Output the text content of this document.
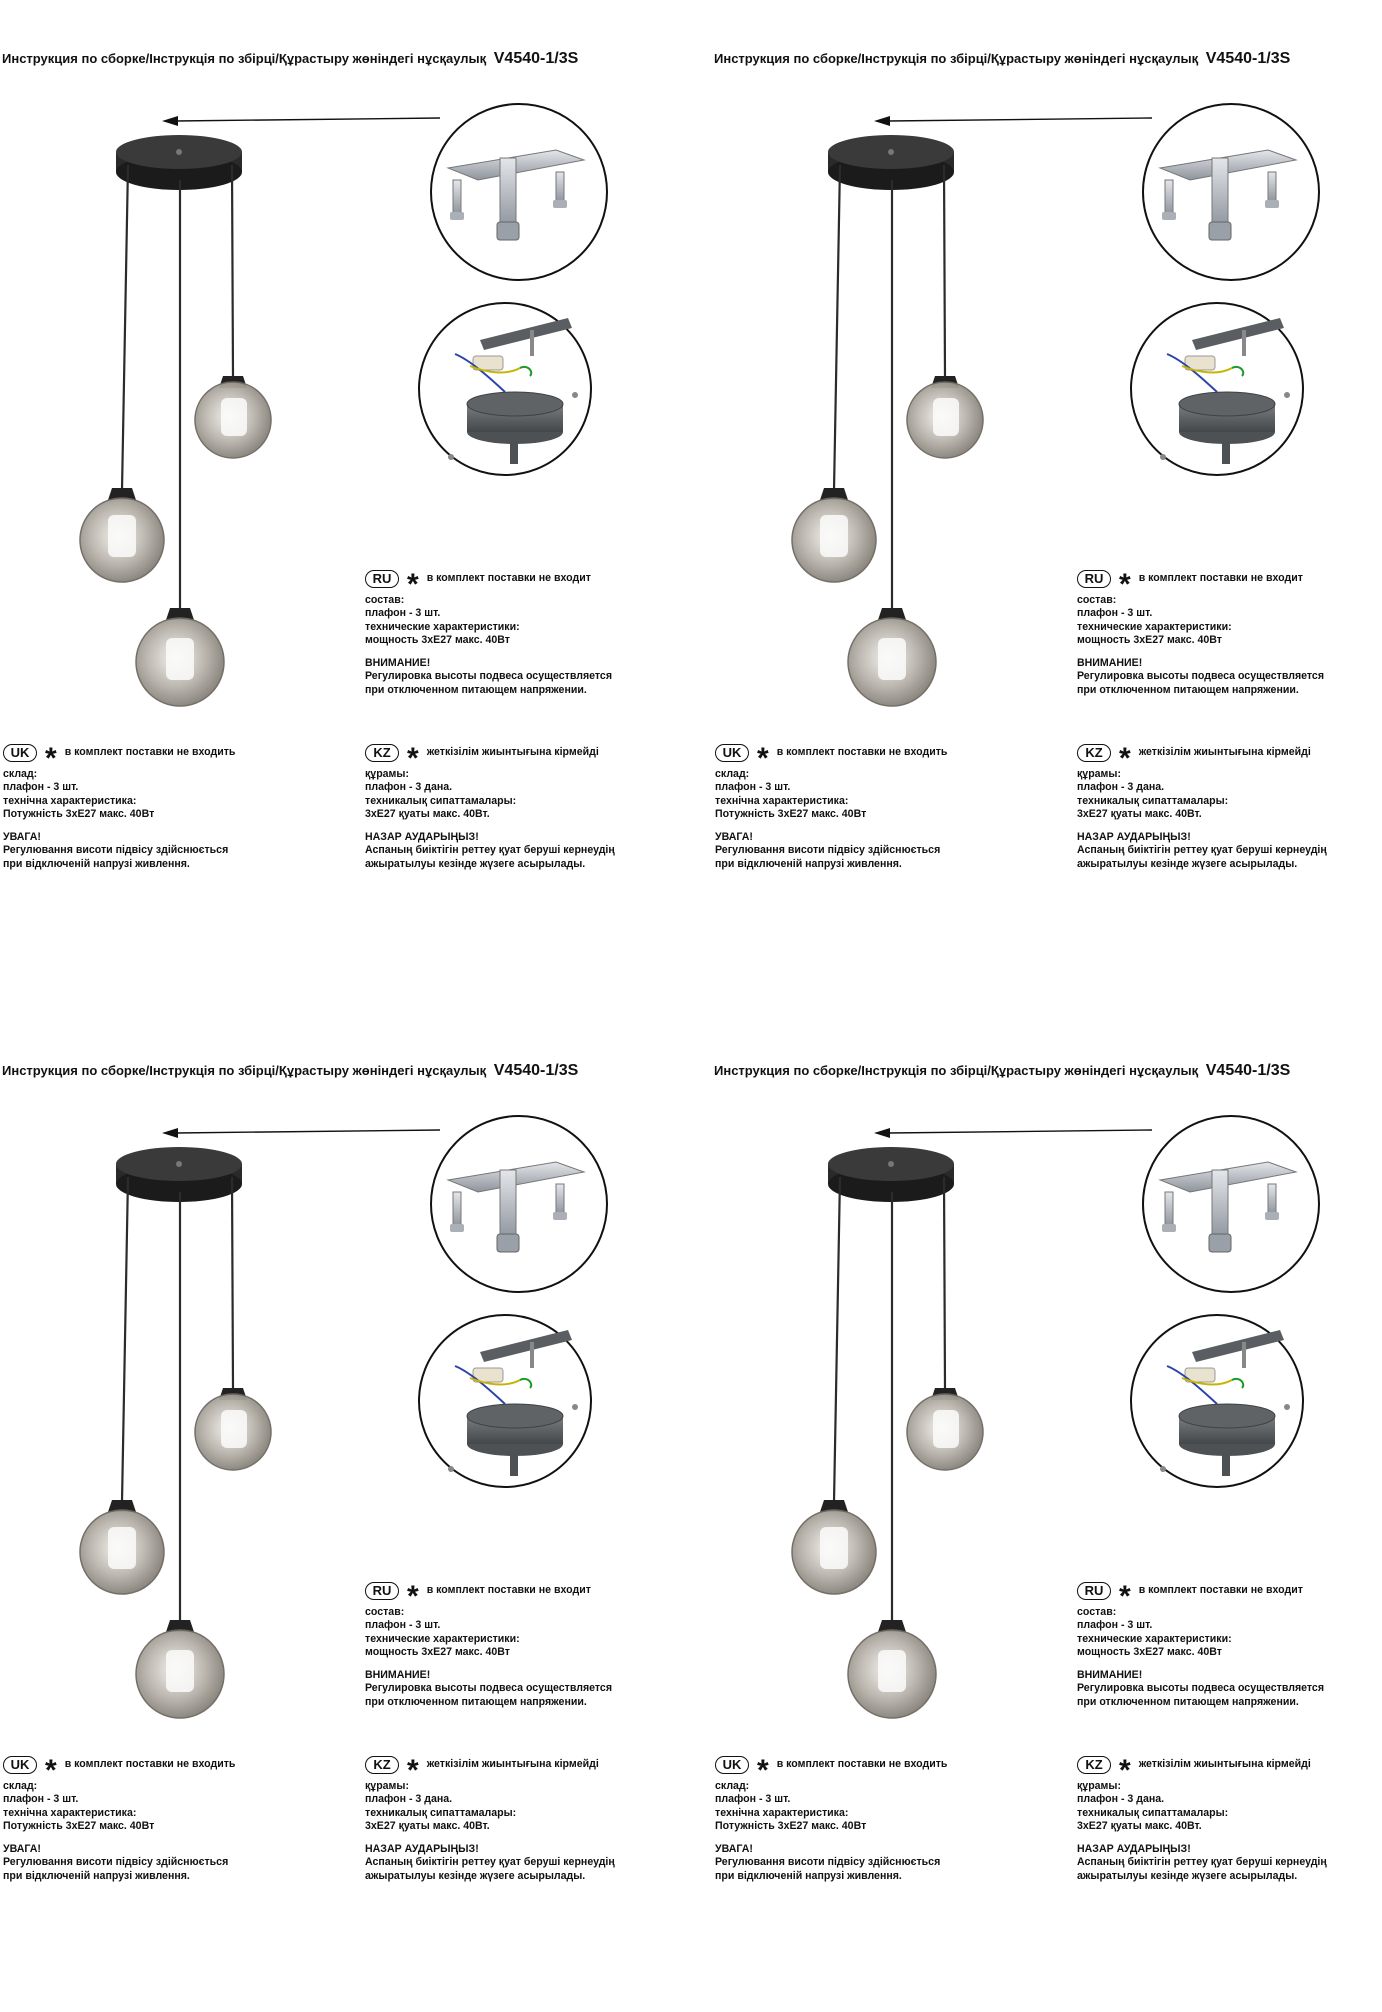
Инструкция по сборке/Інструкція по збірці/Құрастыру жөніндегі нұсқаулық V4540-1/3S
RU * в комплект поставки не входит
состав:
плафон - 3 шт.
технические характеристики:
мощность 3хЕ27 макс. 40Вт
ВНИМАНИЕ!
Регулировка высоты подвеса осуществляется
при отключенном питающем напряжении.
UK * в комплект поставки не входить
склад:
плафон - 3 шт.
технічна характеристика:
Потужність 3хЕ27 макс. 40Вт
УВАГА!
Регулювання висоти підвісу здійснюється
при відключеній напрузі живлення.
KZ * жеткізілім жиынтығына кірмейді
құрамы:
плафон - 3 дана.
техникалық сипаттамалары:
3хЕ27 қуаты макс. 40Вт.
НАЗАР АУДАРЫҢЫЗ!
Аспаның биіктігін реттеу қуат беруші кернеудің
ажыратылуы кезінде жүзеге асырылады.
Инструкция по сборке/Інструкція по збірці/Құрастыру жөніндегі нұсқаулық V4540-1/3S
RU * в комплект поставки не входит
состав:
плафон - 3 шт.
технические характеристики:
мощность 3хЕ27 макс. 40Вт
ВНИМАНИЕ!
Регулировка высоты подвеса осуществляется
при отключенном питающем напряжении.
UK * в комплект поставки не входить
склад:
плафон - 3 шт.
технічна характеристика:
Потужність 3хЕ27 макс. 40Вт
УВАГА!
Регулювання висоти підвісу здійснюється
при відключеній напрузі живлення.
KZ * жеткізілім жиынтығына кірмейді
құрамы:
плафон - 3 дана.
техникалық сипаттамалары:
3хЕ27 қуаты макс. 40Вт.
НАЗАР АУДАРЫҢЫЗ!
Аспаның биіктігін реттеу қуат беруші кернеудің
ажыратылуы кезінде жүзеге асырылады.
Инструкция по сборке/Інструкція по збірці/Құрастыру жөніндегі нұсқаулық V4540-1/3S
RU * в комплект поставки не входит
состав:
плафон - 3 шт.
технические характеристики:
мощность 3хЕ27 макс. 40Вт
ВНИМАНИЕ!
Регулировка высоты подвеса осуществляется
при отключенном питающем напряжении.
UK * в комплект поставки не входить
склад:
плафон - 3 шт.
технічна характеристика:
Потужність 3хЕ27 макс. 40Вт
УВАГА!
Регулювання висоти підвісу здійснюється
при відключеній напрузі живлення.
KZ * жеткізілім жиынтығына кірмейді
құрамы:
плафон - 3 дана.
техникалық сипаттамалары:
3хЕ27 қуаты макс. 40Вт.
НАЗАР АУДАРЫҢЫЗ!
Аспаның биіктігін реттеу қуат беруші кернеудің
ажыратылуы кезінде жүзеге асырылады.
Инструкция по сборке/Інструкція по збірці/Құрастыру жөніндегі нұсқаулық V4540-1/3S
RU * в комплект поставки не входит
состав:
плафон - 3 шт.
технические характеристики:
мощность 3хЕ27 макс. 40Вт
ВНИМАНИЕ!
Регулировка высоты подвеса осуществляется
при отключенном питающем напряжении.
UK * в комплект поставки не входить
склад:
плафон - 3 шт.
технічна характеристика:
Потужність 3хЕ27 макс. 40Вт
УВАГА!
Регулювання висоти підвісу здійснюється
при відключеній напрузі живлення.
KZ * жеткізілім жиынтығына кірмейді
құрамы:
плафон - 3 дана.
техникалық сипаттамалары:
3хЕ27 қуаты макс. 40Вт.
НАЗАР АУДАРЫҢЫЗ!
Аспаның биіктігін реттеу қуат беруші кернеудің
ажыратылуы кезінде жүзеге асырылады.
